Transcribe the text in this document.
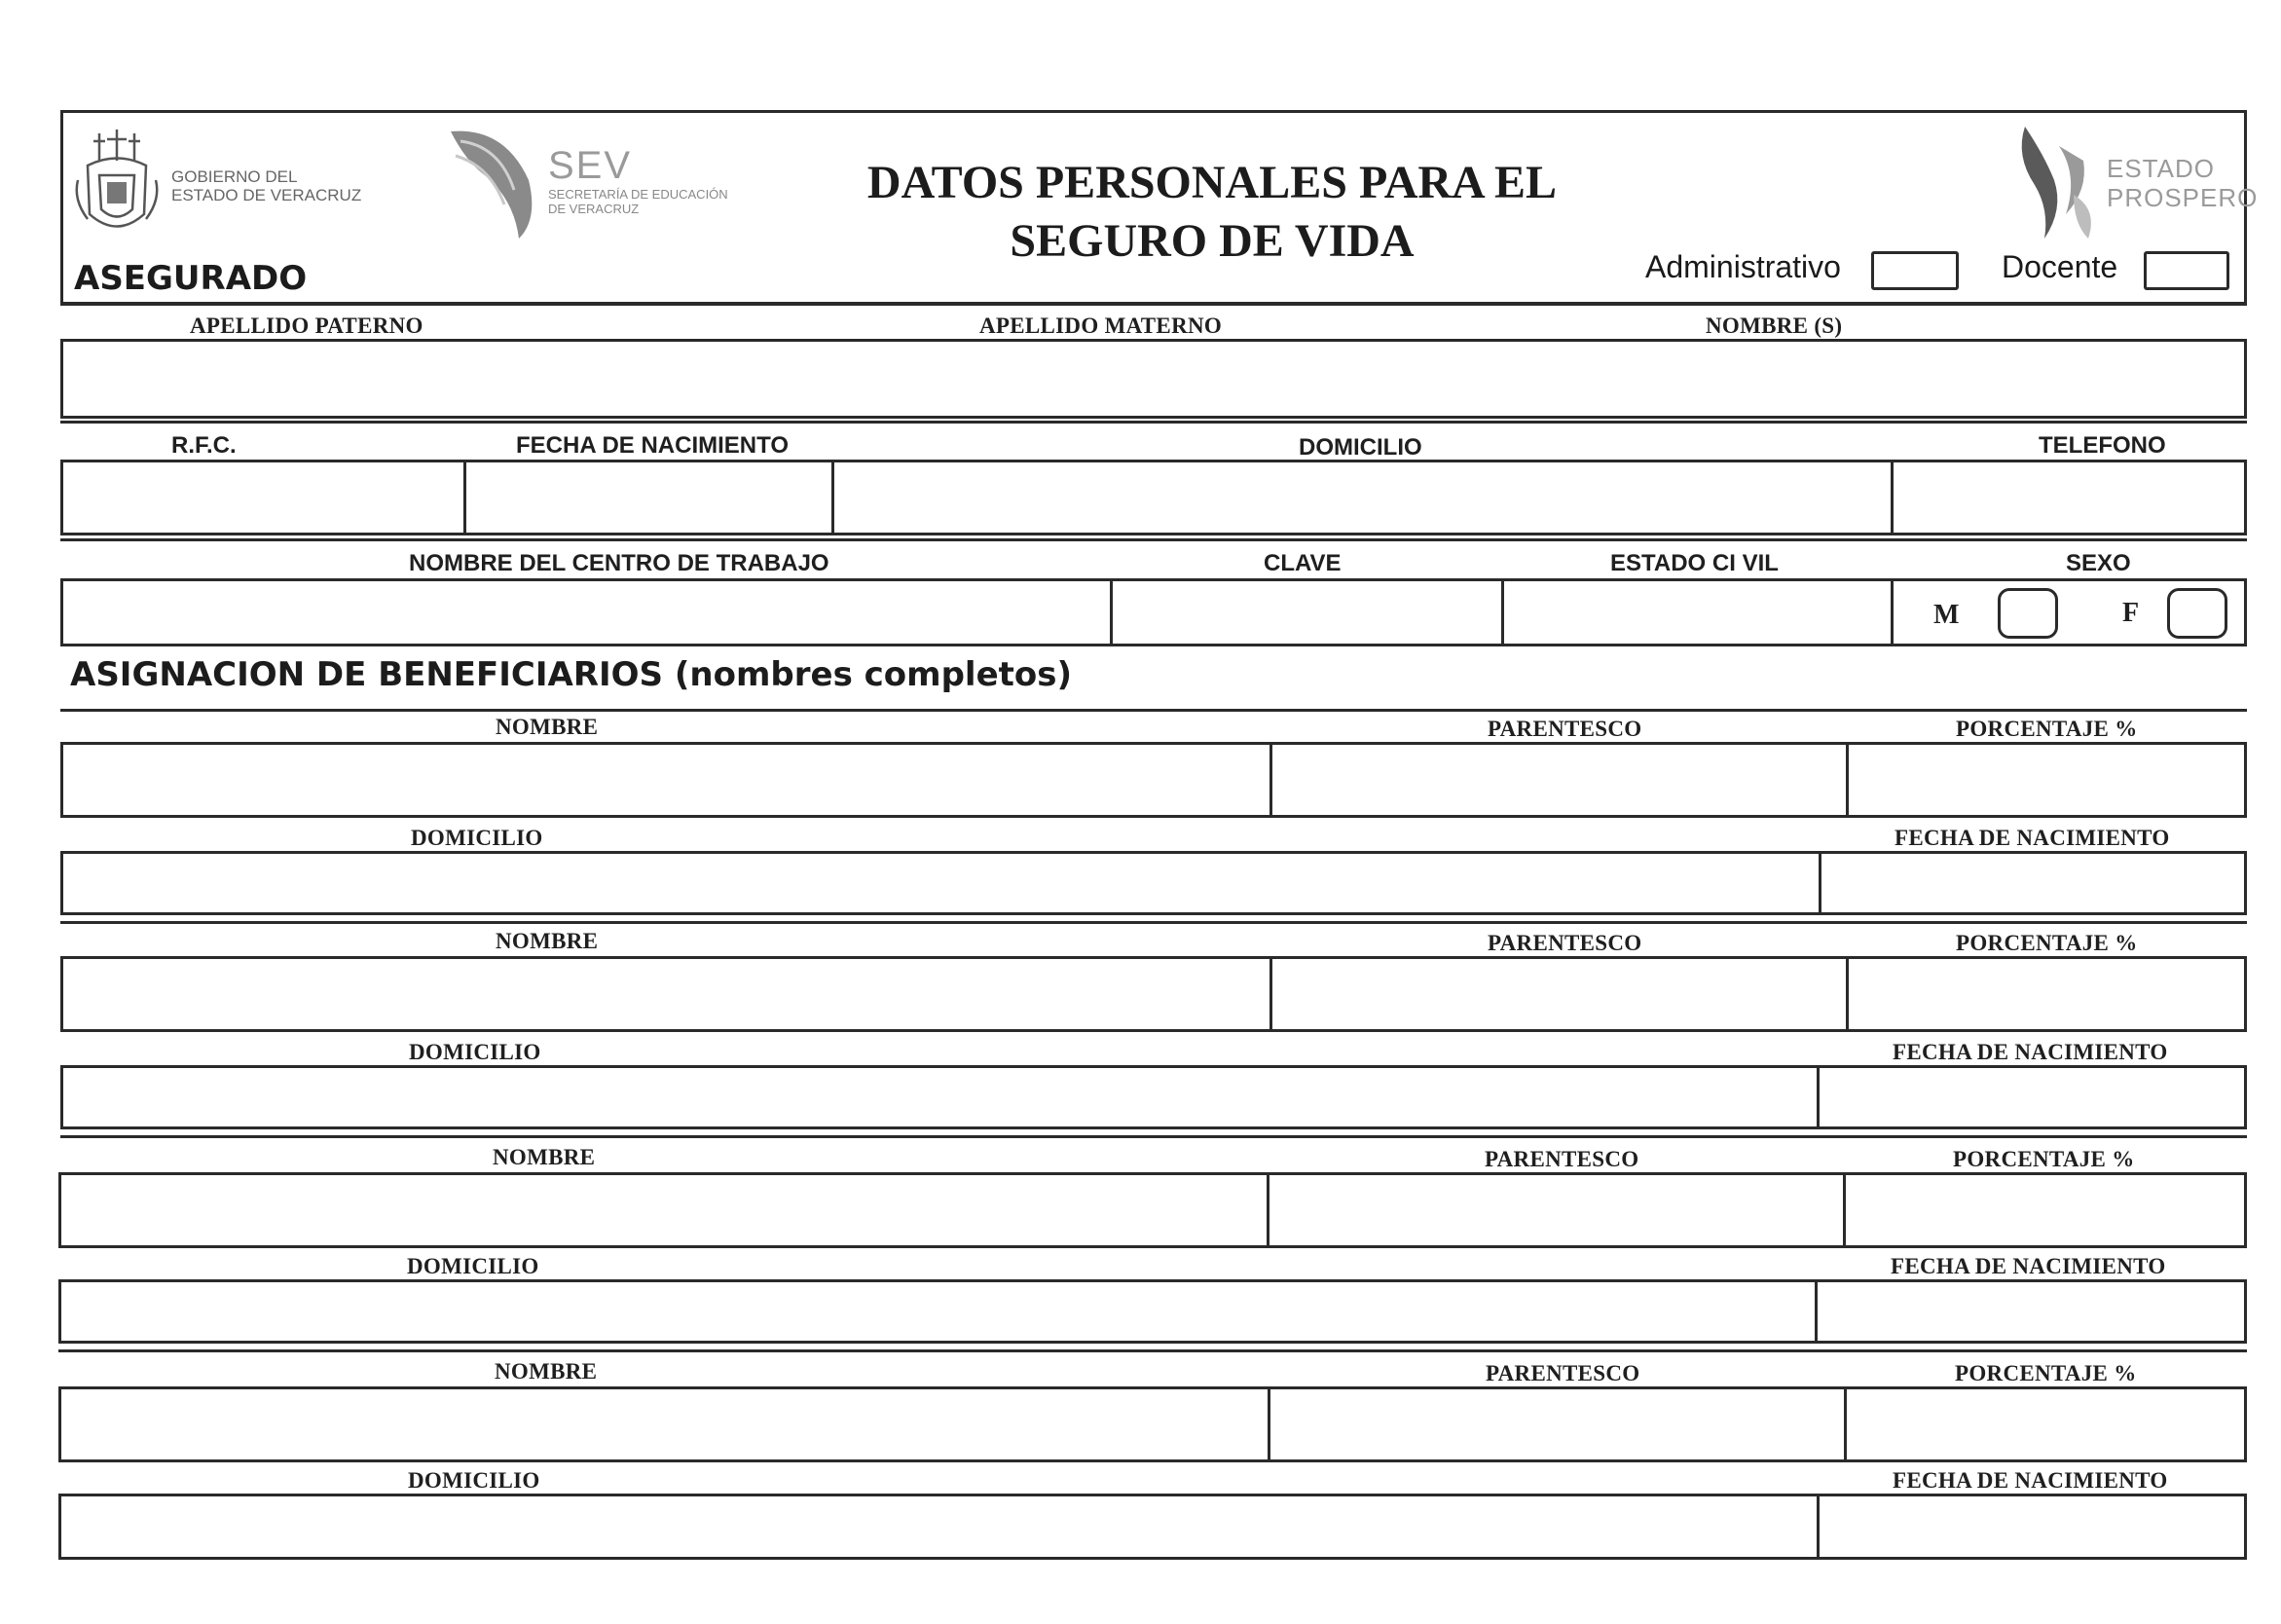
GOBIERNO DEL
ESTADO DE VERACRUZ
SEV
SECRETARÍA DE EDUCACIÓN
DE VERACRUZ
DATOS PERSONALES PARA EL
SEGURO DE VIDA
ESTADO
PROSPERO
Administrativo	Docente
ASEGURADO
APELLIDO PATERNO	APELLIDO MATERNO	NOMBRE (S)
R.F.C.	FECHA DE NACIMIENTO	DOMICILIO	TELEFONO
NOMBRE DEL CENTRO DE TRABAJO	CLAVE	ESTADO CI VIL	SEXO
M	F
ASIGNACION DE BENEFICIARIOS (nombres completos)
NOMBRE	PARENTESCO	PORCENTAJE %
DOMICILIO	FECHA DE NACIMIENTO
NOMBRE	PARENTESCO	PORCENTAJE %
DOMICILIO	FECHA DE NACIMIENTO
NOMBRE	PARENTESCO	PORCENTAJE %
DOMICILIO	FECHA DE NACIMIENTO
NOMBRE	PARENTESCO	PORCENTAJE %
DOMICILIO	FECHA DE NACIMIENTO
